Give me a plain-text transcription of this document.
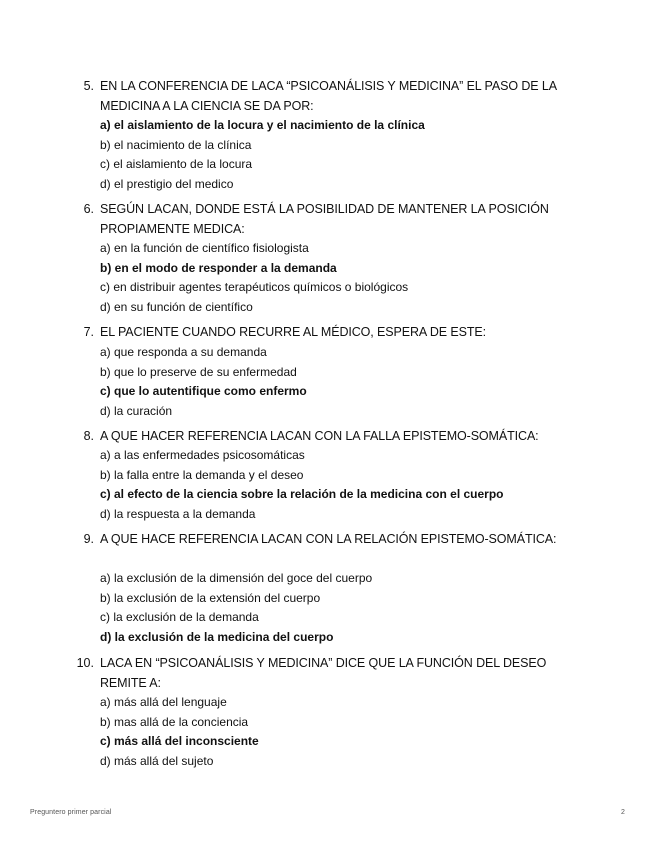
5. EN LA CONFERENCIA DE LACA “PSICOANÁLISIS Y MEDICINA” EL PASO DE LA MEDICINA A LA CIENCIA SE DA POR:
a) el aislamiento de la locura y el nacimiento de la clínica
b) el nacimiento de la clínica
c) el aislamiento de la locura
d) el prestigio del medico
6. SEGÚN LACAN, DONDE ESTÁ LA POSIBILIDAD DE MANTENER LA POSICIÓN PROPIAMENTE MEDICA:
a) en la función de científico fisiologista
b) en el modo de responder a la demanda
c) en distribuir agentes terapéuticos químicos o biológicos
d) en su función de científico
7. EL PACIENTE CUANDO RECURRE AL MÉDICO, ESPERA DE ESTE:
a) que responda a su demanda
b) que lo preserve de su enfermedad
c) que lo autentifique como enfermo
d) la curación
8. A QUE HACER REFERENCIA LACAN CON LA FALLA EPISTEMO-SOMÁTICA:
a) a las enfermedades psicosomáticas
b) la falla entre la demanda y el deseo
c) al efecto de la ciencia sobre la relación de la medicina con el cuerpo
d) la respuesta a la demanda
9. A QUE HACE REFERENCIA LACAN CON LA RELACIÓN EPISTEMO-SOMÁTICA:
a) la exclusión de la dimensión del goce del cuerpo
b) la exclusión de la extensión del cuerpo
c) la exclusión de la demanda
d) la exclusión de la medicina del cuerpo
10. LACA EN “PSICOANÁLISIS Y MEDICINA” DICE QUE LA FUNCIÓN DEL DESEO REMITE A:
a) más allá del lenguaje
b) mas allá de la conciencia
c) más allá del inconsciente
d) más allá del sujeto
Preguntero primer parcial	2
